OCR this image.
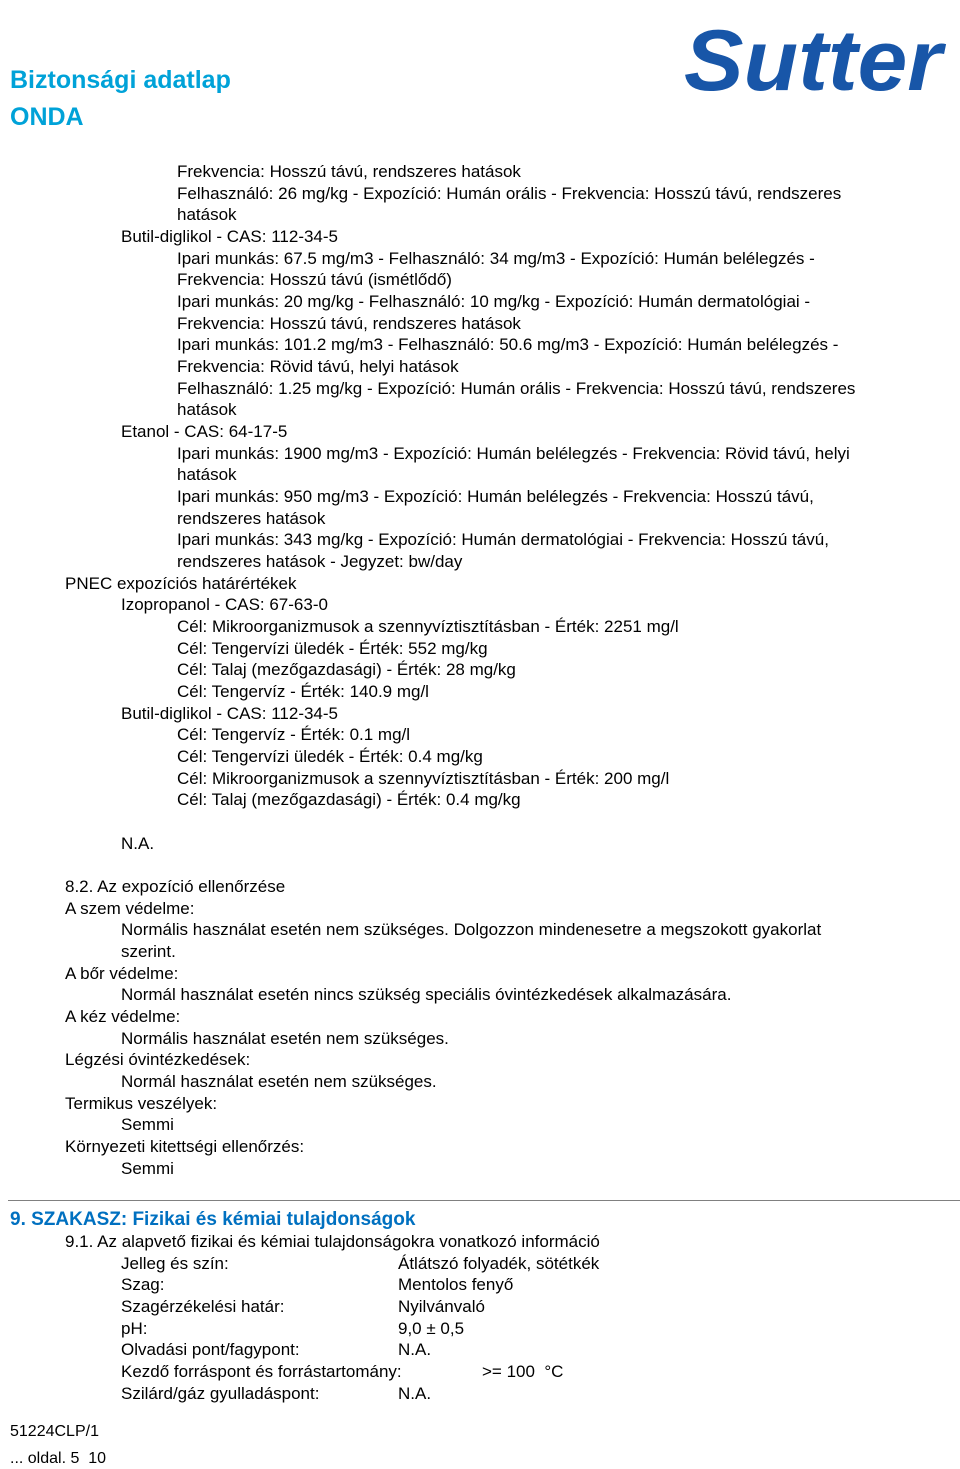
Biztonsági adatlap
ONDA
Sutter
Frekvencia: Hosszú távú, rendszeres hatások
Felhasználó: 26 mg/kg - Expozíció: Humán orális - Frekvencia: Hosszú távú, rendszeres
hatások
Butil-diglikol - CAS: 112-34-5
Ipari munkás: 67.5 mg/m3 - Felhasználó: 34 mg/m3 - Expozíció: Humán belélegzés -
Frekvencia: Hosszú távú (ismétlődő)
Ipari munkás: 20 mg/kg - Felhasználó: 10 mg/kg - Expozíció: Humán dermatológiai -
Frekvencia: Hosszú távú, rendszeres hatások
Ipari munkás: 101.2 mg/m3 - Felhasználó: 50.6 mg/m3 - Expozíció: Humán belélegzés -
Frekvencia: Rövid távú, helyi hatások
Felhasználó: 1.25 mg/kg - Expozíció: Humán orális - Frekvencia: Hosszú távú, rendszeres
hatások
Etanol - CAS: 64-17-5
Ipari munkás: 1900 mg/m3 - Expozíció: Humán belélegzés - Frekvencia: Rövid távú, helyi
hatások
Ipari munkás: 950 mg/m3 - Expozíció: Humán belélegzés - Frekvencia: Hosszú távú,
rendszeres hatások
Ipari munkás: 343 mg/kg - Expozíció: Humán dermatológiai - Frekvencia: Hosszú távú,
rendszeres hatások - Jegyzet: bw/day
PNEC expozíciós határértékek
Izopropanol - CAS: 67-63-0
Cél: Mikroorganizmusok a szennyvíztisztításban - Érték: 2251 mg/l
Cél: Tengervízi üledék - Érték: 552 mg/kg
Cél: Talaj (mezőgazdasági) - Érték: 28 mg/kg
Cél: Tengervíz - Érték: 140.9 mg/l
Butil-diglikol - CAS: 112-34-5
Cél: Tengervíz - Érték: 0.1 mg/l
Cél: Tengervízi üledék - Érték: 0.4 mg/kg
Cél: Mikroorganizmusok a szennyvíztisztításban - Érték: 200 mg/l
Cél: Talaj (mezőgazdasági) - Érték: 0.4 mg/kg
N.A.
8.2. Az expozíció ellenőrzése
A szem védelme:
Normális használat esetén nem szükséges. Dolgozzon mindenesetre a megszokott gyakorlat
szerint.
A bőr védelme:
Normál használat esetén nincs szükség speciális óvintézkedések alkalmazására.
A kéz védelme:
Normális használat esetén nem szükséges.
Légzési óvintézkedések:
Normál használat esetén nem szükséges.
Termikus veszélyek:
Semmi
Környezeti kitettségi ellenőrzés:
Semmi
9. SZAKASZ: Fizikai és kémiai tulajdonságok
9.1. Az alapvető fizikai és kémiai tulajdonságokra vonatkozó információ
Jelleg és szín:	Átlátszó folyadék, sötétkék
Szag:	Mentolos fenyő
Szagérzékelési határ:	Nyilvánvaló
pH:	9,0 ± 0,5
Olvadási pont/fagypont:	N.A.
Kezdő forráspont és forrástartomány:	>= 100  °C
Szilárd/gáz gyulladáspont:	N.A.
51224CLP/1
... oldal. 5  10
